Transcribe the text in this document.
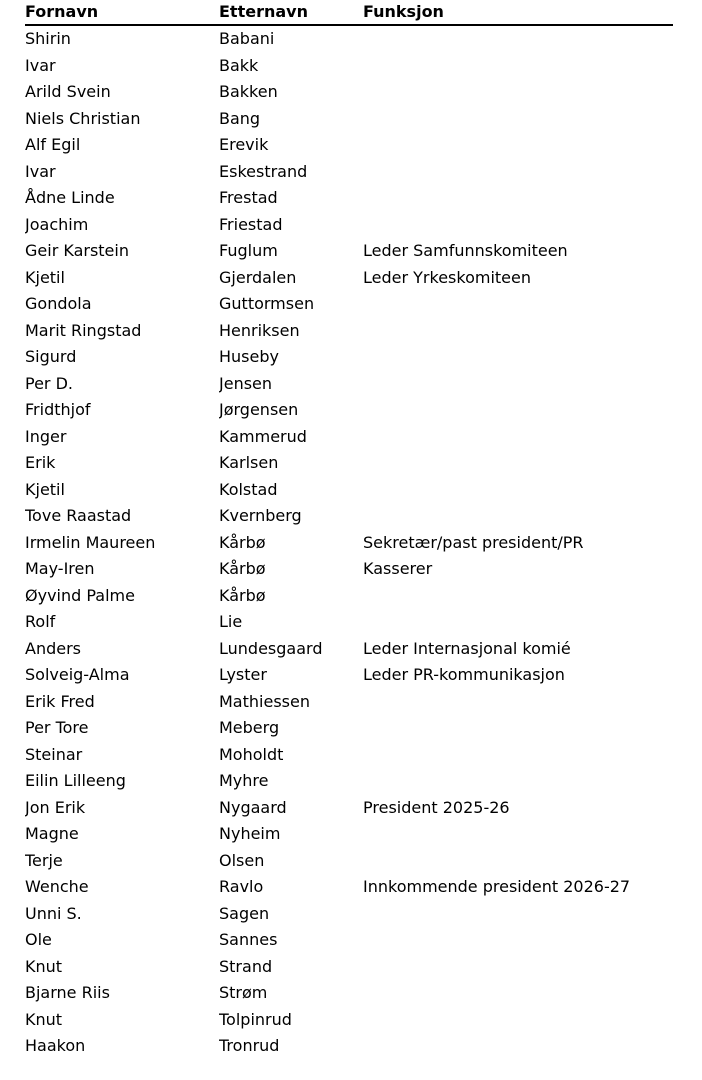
Fornavn	Etternavn	Funksjon
Shirin	Babani	
Ivar	Bakk	
Arild Svein	Bakken	
Niels Christian	Bang	
Alf Egil	Erevik	
Ivar	Eskestrand	
Ådne Linde	Frestad	
Joachim	Friestad	
Geir Karstein	Fuglum	Leder Samfunnskomiteen
Kjetil	Gjerdalen	Leder Yrkeskomiteen
Gondola	Guttormsen	
Marit Ringstad	Henriksen	
Sigurd	Huseby	
Per D.	Jensen	
Fridthjof	Jørgensen	
Inger	Kammerud	
Erik	Karlsen	
Kjetil	Kolstad	
Tove Raastad	Kvernberg	
Irmelin Maureen	Kårbø	Sekretær/past president/PR
May-Iren	Kårbø	Kasserer
Øyvind Palme	Kårbø	
Rolf	Lie	
Anders	Lundesgaard	Leder Internasjonal komié
Solveig-Alma	Lyster	Leder PR-kommunikasjon
Erik Fred	Mathiessen	
Per Tore	Meberg	
Steinar	Moholdt	
Eilin Lilleeng	Myhre	
Jon Erik	Nygaard	President 2025-26
Magne	Nyheim	
Terje	Olsen	
Wenche	Ravlo	Innkommende president 2026-27
Unni S.	Sagen	
Ole	Sannes	
Knut	Strand	
Bjarne Riis	Strøm	
Knut	Tolpinrud	
Haakon	Tronrud	
